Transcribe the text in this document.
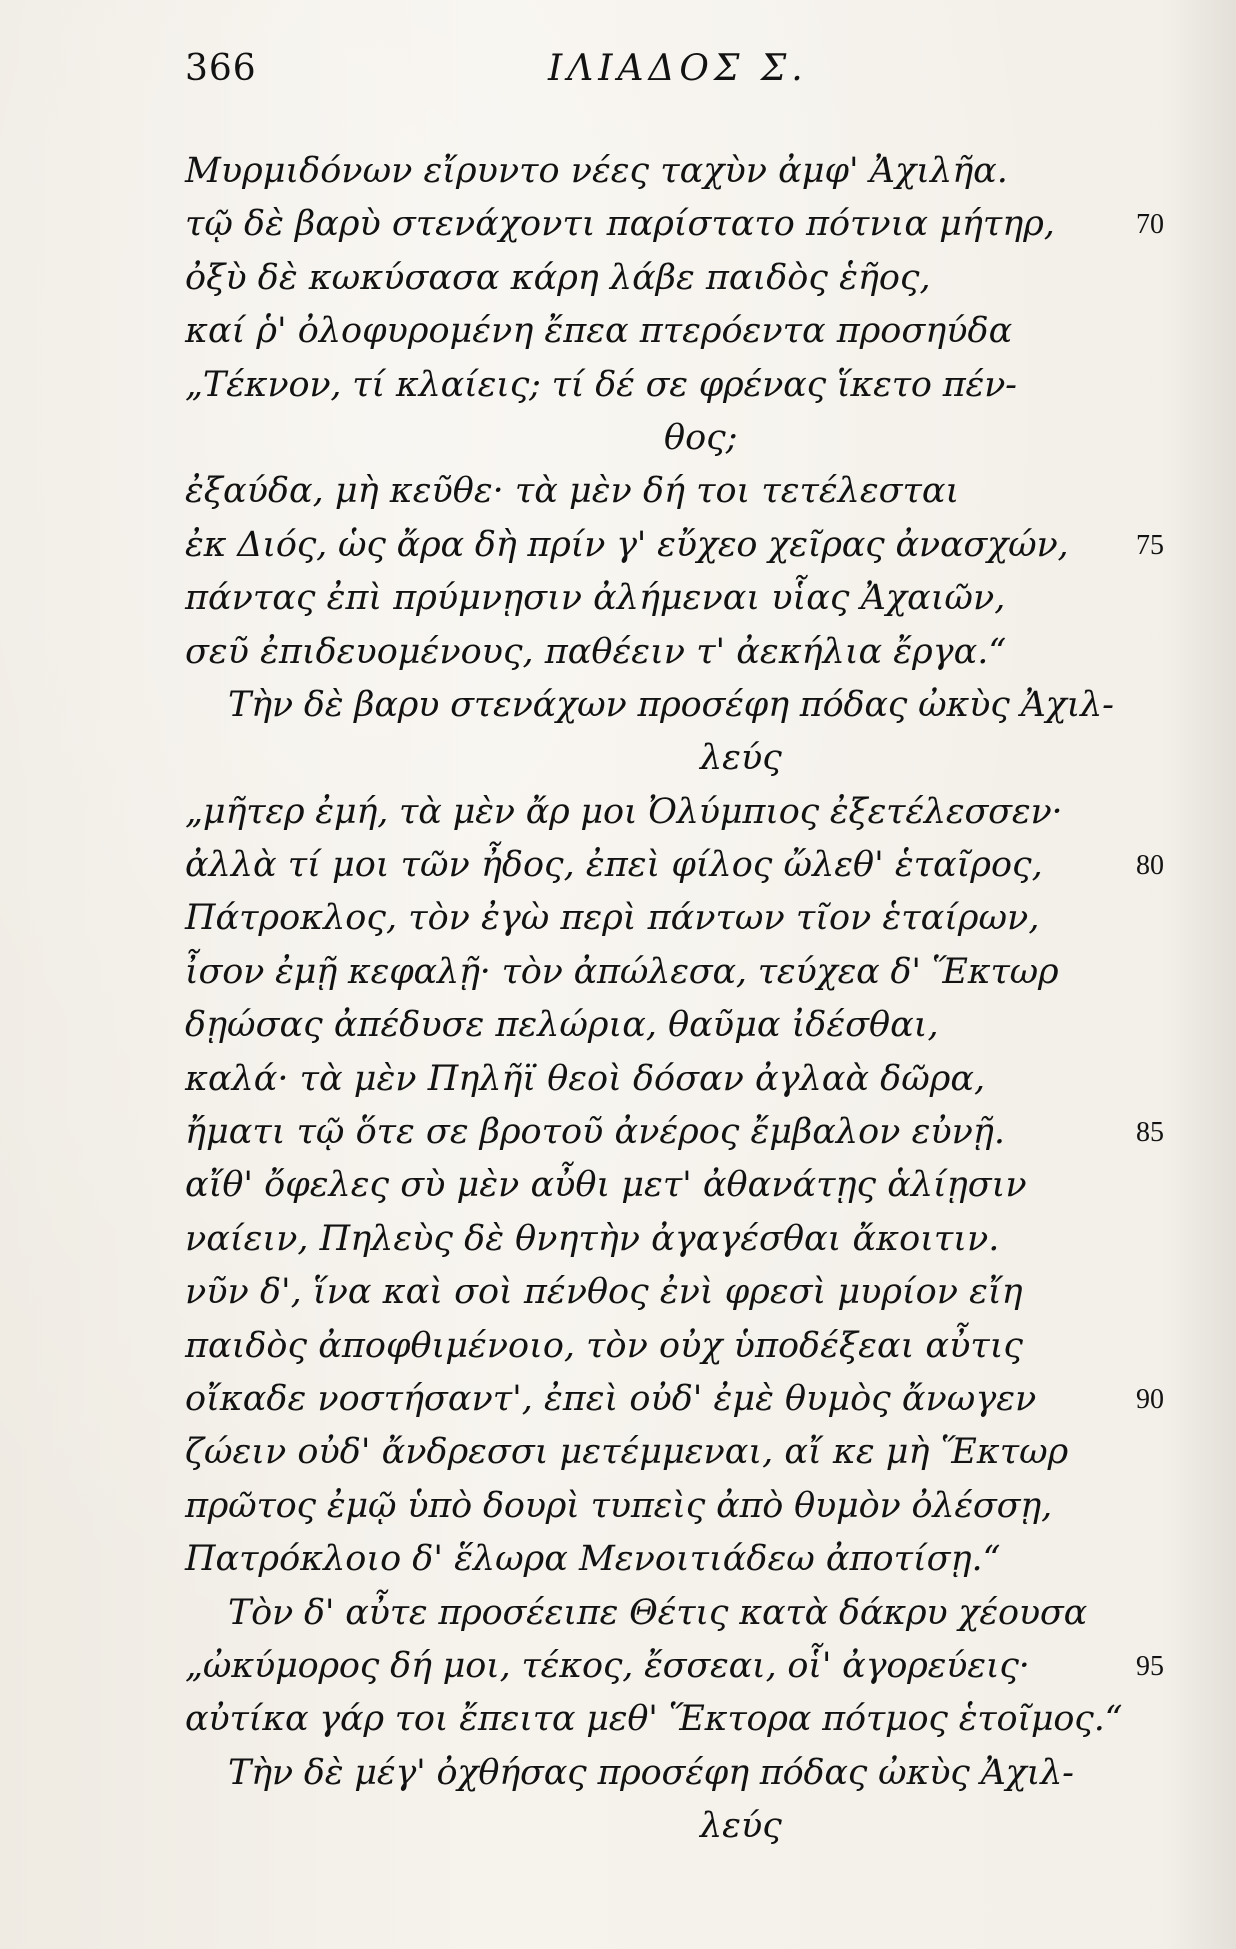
366	ΙΛΙΑΔΟΣ Σ.
Μυρμιδόνων εἴρυντο νέες ταχὺν ἀμφ' Ἀχιλῆα.
τῷ δὲ βαρὺ στενάχοντι παρίστατο πότνια μήτηρ,	70
ὀξὺ δὲ κωκύσασα κάρη λάβε παιδὸς ἑῆος,
καί ῥ' ὀλοφυρομένη ἔπεα πτερόεντα προσηύδα
„Τέκνον, τί κλαίεις; τί δέ σε φρένας ἵκετο πέν-
θος;
ἐξαύδα, μὴ κεῦθε· τὰ μὲν δή τοι τετέλεσται
ἐκ Διός, ὡς ἄρα δὴ πρίν γ' εὔχεο χεῖρας ἀνασχών, 75
πάντας ἐπὶ πρύμνῃσιν ἀλήμεναι υἷας Ἀχαιῶν,
σεῦ ἐπιδευομένους, παθέειν τ' ἀεκήλια ἔργα.“
Τὴν δὲ βαρυ στενάχων προσέφη πόδας ὠκὺς Ἀχιλ-
λεύς
„μῆτερ ἐμή, τὰ μὲν ἄρ μοι Ὀλύμπιος ἐξετέλεσσεν·
ἀλλὰ τί μοι τῶν ἦδος, ἐπεὶ φίλος ὤλεθ' ἑταῖρος,	80
Πάτροκλος, τὸν ἐγὼ περὶ πάντων τῖον ἑταίρων,
ἶσον ἐμῇ κεφαλῇ· τὸν ἀπώλεσα, τεύχεα δ' Ἕκτωρ
δῃώσας ἀπέδυσε πελώρια, θαῦμα ἰδέσθαι,
καλά· τὰ μὲν Πηλῆϊ θεοὶ δόσαν ἀγλαὰ δῶρα,
ἤματι τῷ ὅτε σε βροτοῦ ἀνέρος ἔμβαλον εὐνῇ.	85
αἴθ' ὄφελες σὺ μὲν αὖθι μετ' ἀθανάτῃς ἁλίῃσιν
ναίειν, Πηλεὺς δὲ θνητὴν ἀγαγέσθαι ἄκοιτιν.
νῦν δ', ἵνα καὶ σοὶ πένθος ἐνὶ φρεσὶ μυρίον εἴη
παιδὸς ἀποφθιμένοιο, τὸν οὐχ ὑποδέξεαι αὖτις
οἴκαδε νοστήσαντ', ἐπεὶ οὐδ' ἐμὲ θυμὸς ἄνωγεν	90
ζώειν οὐδ' ἄνδρεσσι μετέμμεναι, αἴ κε μὴ Ἕκτωρ
πρῶτος ἐμῷ ὑπὸ δουρὶ τυπεὶς ἀπὸ θυμὸν ὀλέσσῃ,
Πατρόκλοιο δ' ἕλωρα Μενοιτιάδεω ἀποτίσῃ.“
Τὸν δ' αὖτε προσέειπε Θέτις κατὰ δάκρυ χέουσα
„ὠκύμορος δή μοι, τέκος, ἔσσεαι, οἷ' ἀγορεύεις·	95
αὐτίκα γάρ τοι ἔπειτα μεθ' Ἕκτορα πότμος ἑτοῖμος.“
Τὴν δὲ μέγ' ὀχθήσας προσέφη πόδας ὠκὺς Ἀχιλ-
λεύς
